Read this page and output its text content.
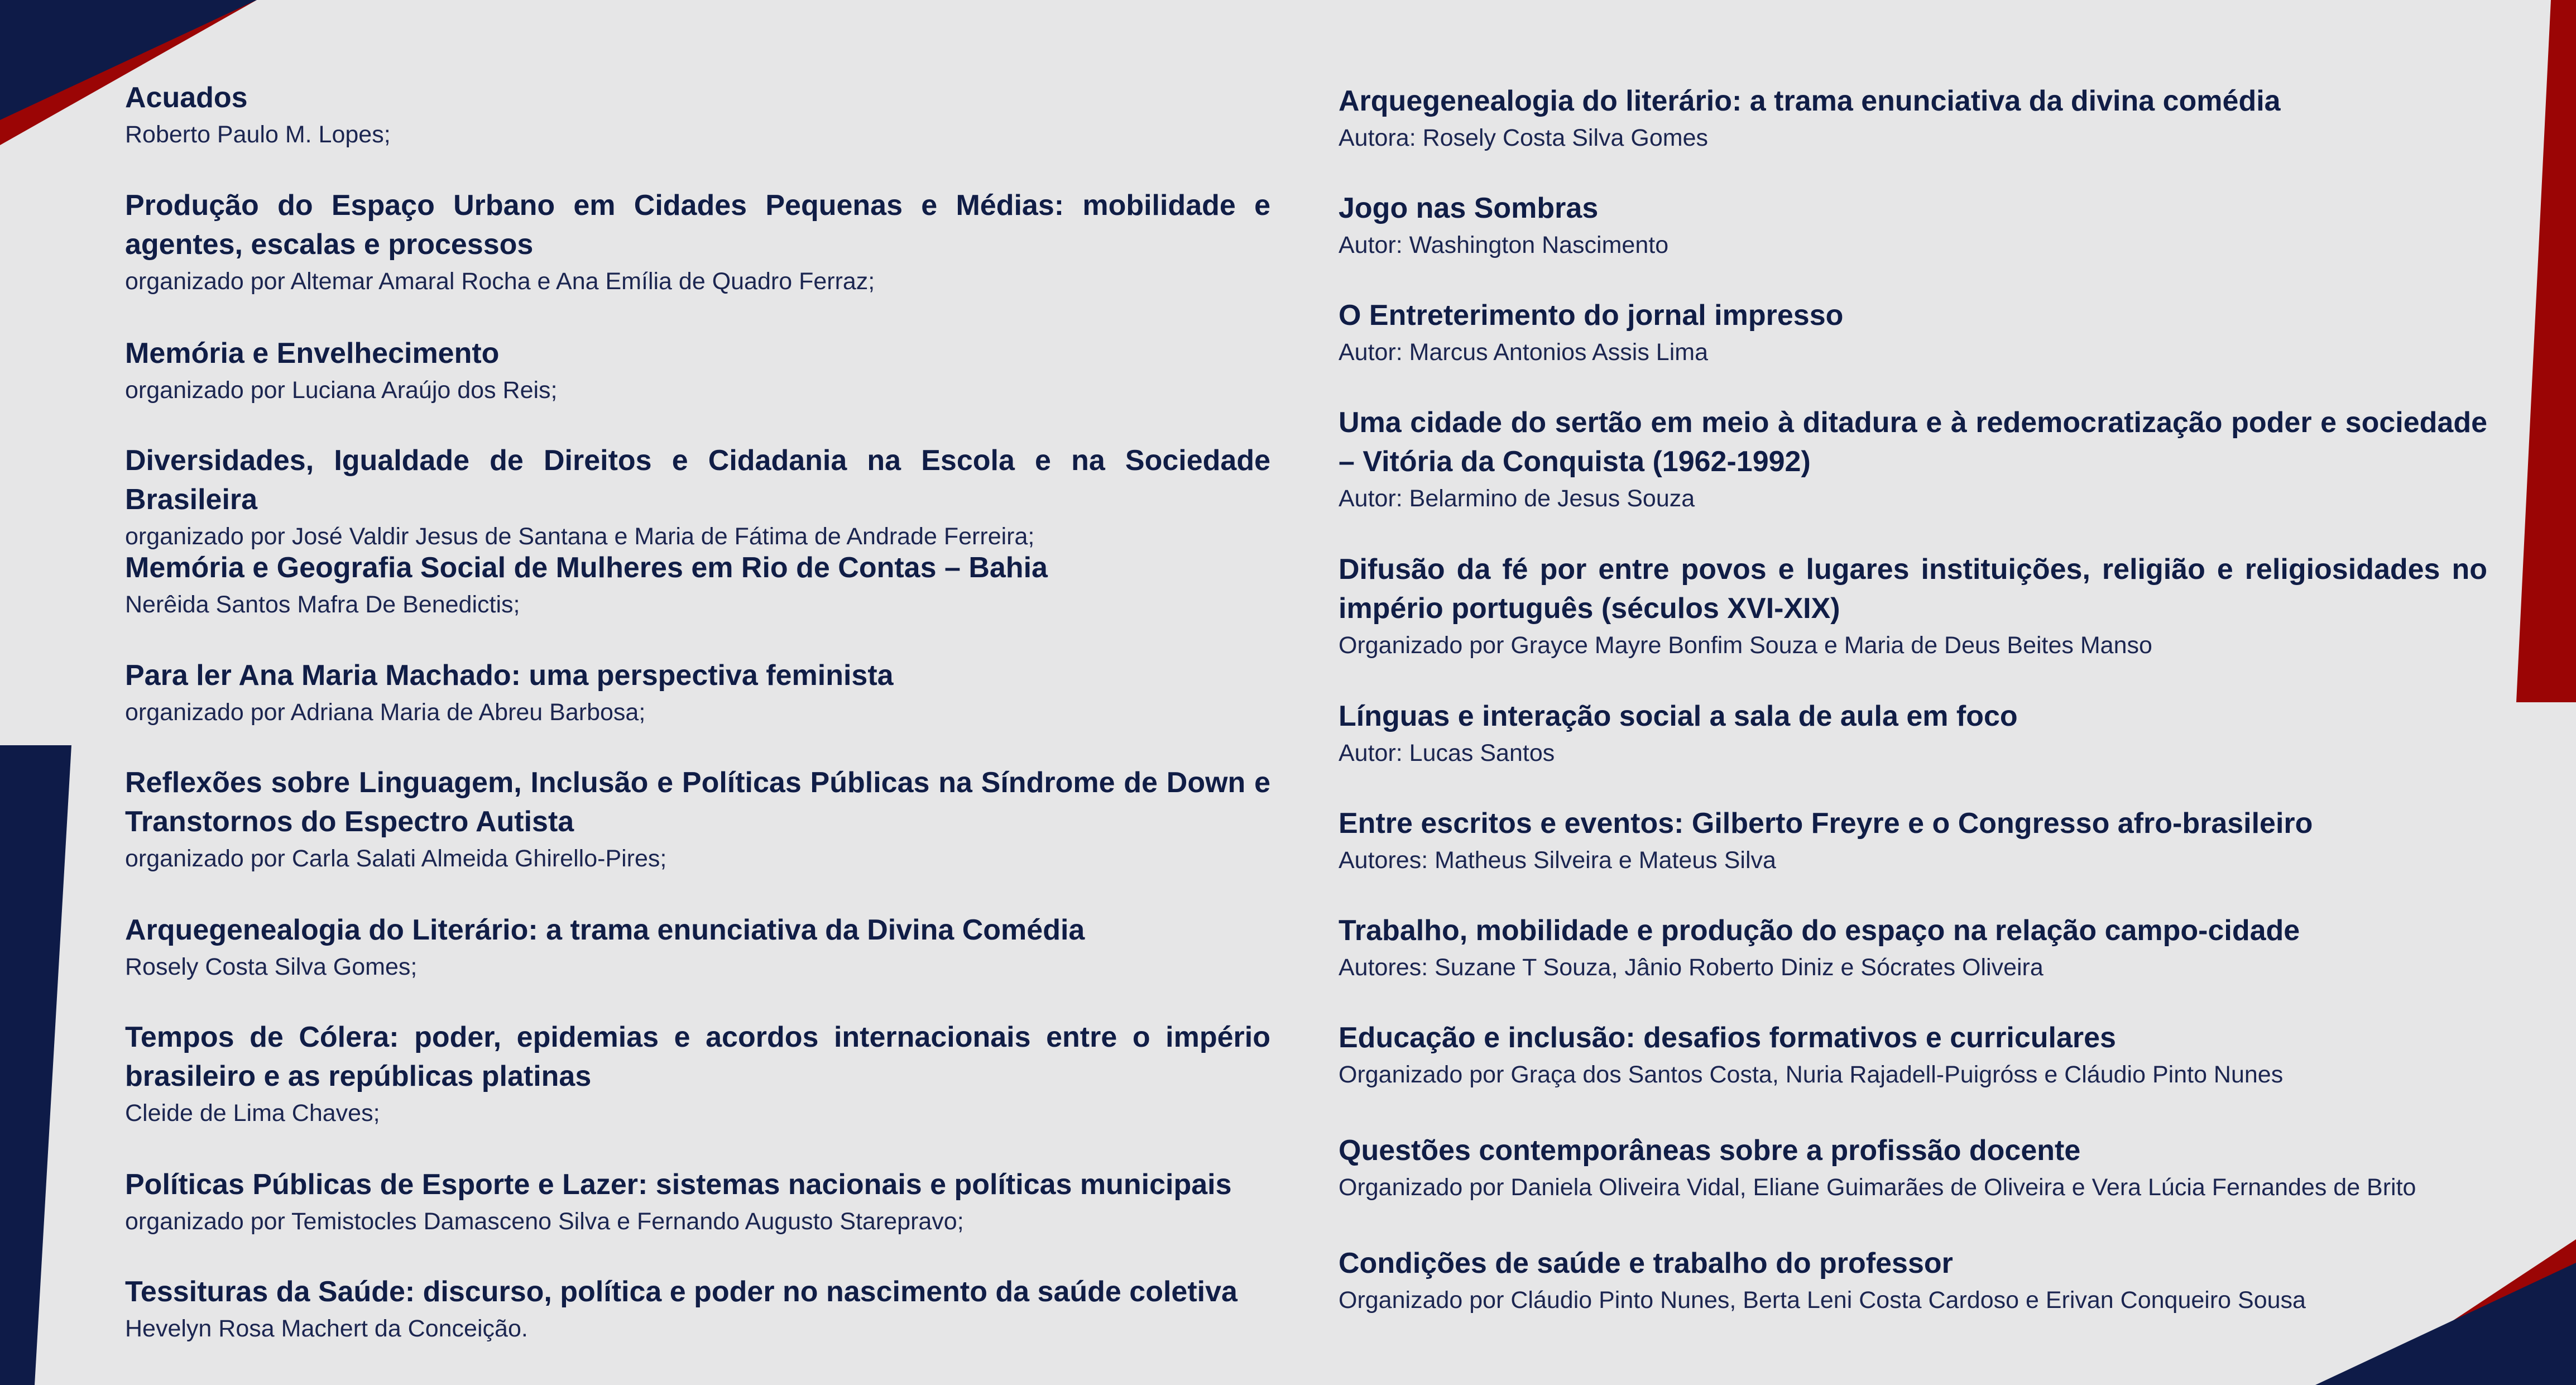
Acuados
Roberto Paulo M. Lopes;
Produção do Espaço Urbano em Cidades Pequenas e Médias: mobilidade e agentes, escalas e processos
organizado por Altemar Amaral Rocha e Ana Emília de Quadro Ferraz;
Memória e Envelhecimento
organizado por Luciana Araújo dos Reis;
Diversidades, Igualdade de Direitos e Cidadania na Escola e na Sociedade Brasileira
organizado por José Valdir Jesus de Santana e Maria de Fátima de Andrade Ferreira;
Memória e Geografia Social de Mulheres em Rio de Contas – Bahia
Nerêida Santos Mafra De Benedictis;
Para ler Ana Maria Machado: uma perspectiva feminista
organizado por Adriana Maria de Abreu Barbosa;
Reflexões sobre Linguagem, Inclusão e Políticas Públicas na Síndrome de Down e Transtornos do Espectro Autista
organizado por Carla Salati Almeida Ghirello-Pires;
Arquegenealogia do Literário: a trama enunciativa da Divina Comédia
Rosely Costa Silva Gomes;
Tempos de Cólera: poder, epidemias e acordos internacionais entre o império brasileiro e as repúblicas platinas
Cleide de Lima Chaves;
Políticas Públicas de Esporte e Lazer: sistemas nacionais e políticas municipais
organizado por Temistocles Damasceno Silva e Fernando Augusto Starepravo;
Tessituras da Saúde: discurso, política e poder no nascimento da saúde coletiva
Hevelyn Rosa Machert da Conceição.
Arquegenealogia do literário: a trama enunciativa da divina comédia
Autora: Rosely Costa Silva Gomes
Jogo nas Sombras
Autor: Washington Nascimento
O Entreterimento do jornal impresso
Autor: Marcus Antonios Assis Lima
Uma cidade do sertão em meio à ditadura e à redemocratização poder e sociedade – Vitória da Conquista (1962-1992)
Autor: Belarmino de Jesus Souza
Difusão da fé por entre povos e lugares instituições, religião e religiosidades no império português (séculos XVI-XIX)
Organizado por Grayce Mayre Bonfim Souza e Maria de Deus Beites Manso
Línguas e interação social a sala de aula em foco
Autor: Lucas Santos
Entre escritos e eventos: Gilberto Freyre e o Congresso afro-brasileiro
Autores: Matheus Silveira e Mateus Silva
Trabalho, mobilidade e produção do espaço na relação campo-cidade
Autores: Suzane T Souza, Jânio Roberto Diniz e Sócrates Oliveira
Educação e inclusão: desafios formativos e curriculares
Organizado por Graça dos Santos Costa, Nuria Rajadell-Puigróss e Cláudio Pinto Nunes
Questões contemporâneas sobre a profissão docente
Organizado por Daniela Oliveira Vidal, Eliane Guimarães de Oliveira e Vera Lúcia Fernandes de Brito
Condições de saúde e trabalho do professor
Organizado por Cláudio Pinto Nunes, Berta Leni Costa Cardoso e Erivan Conqueiro Sousa
